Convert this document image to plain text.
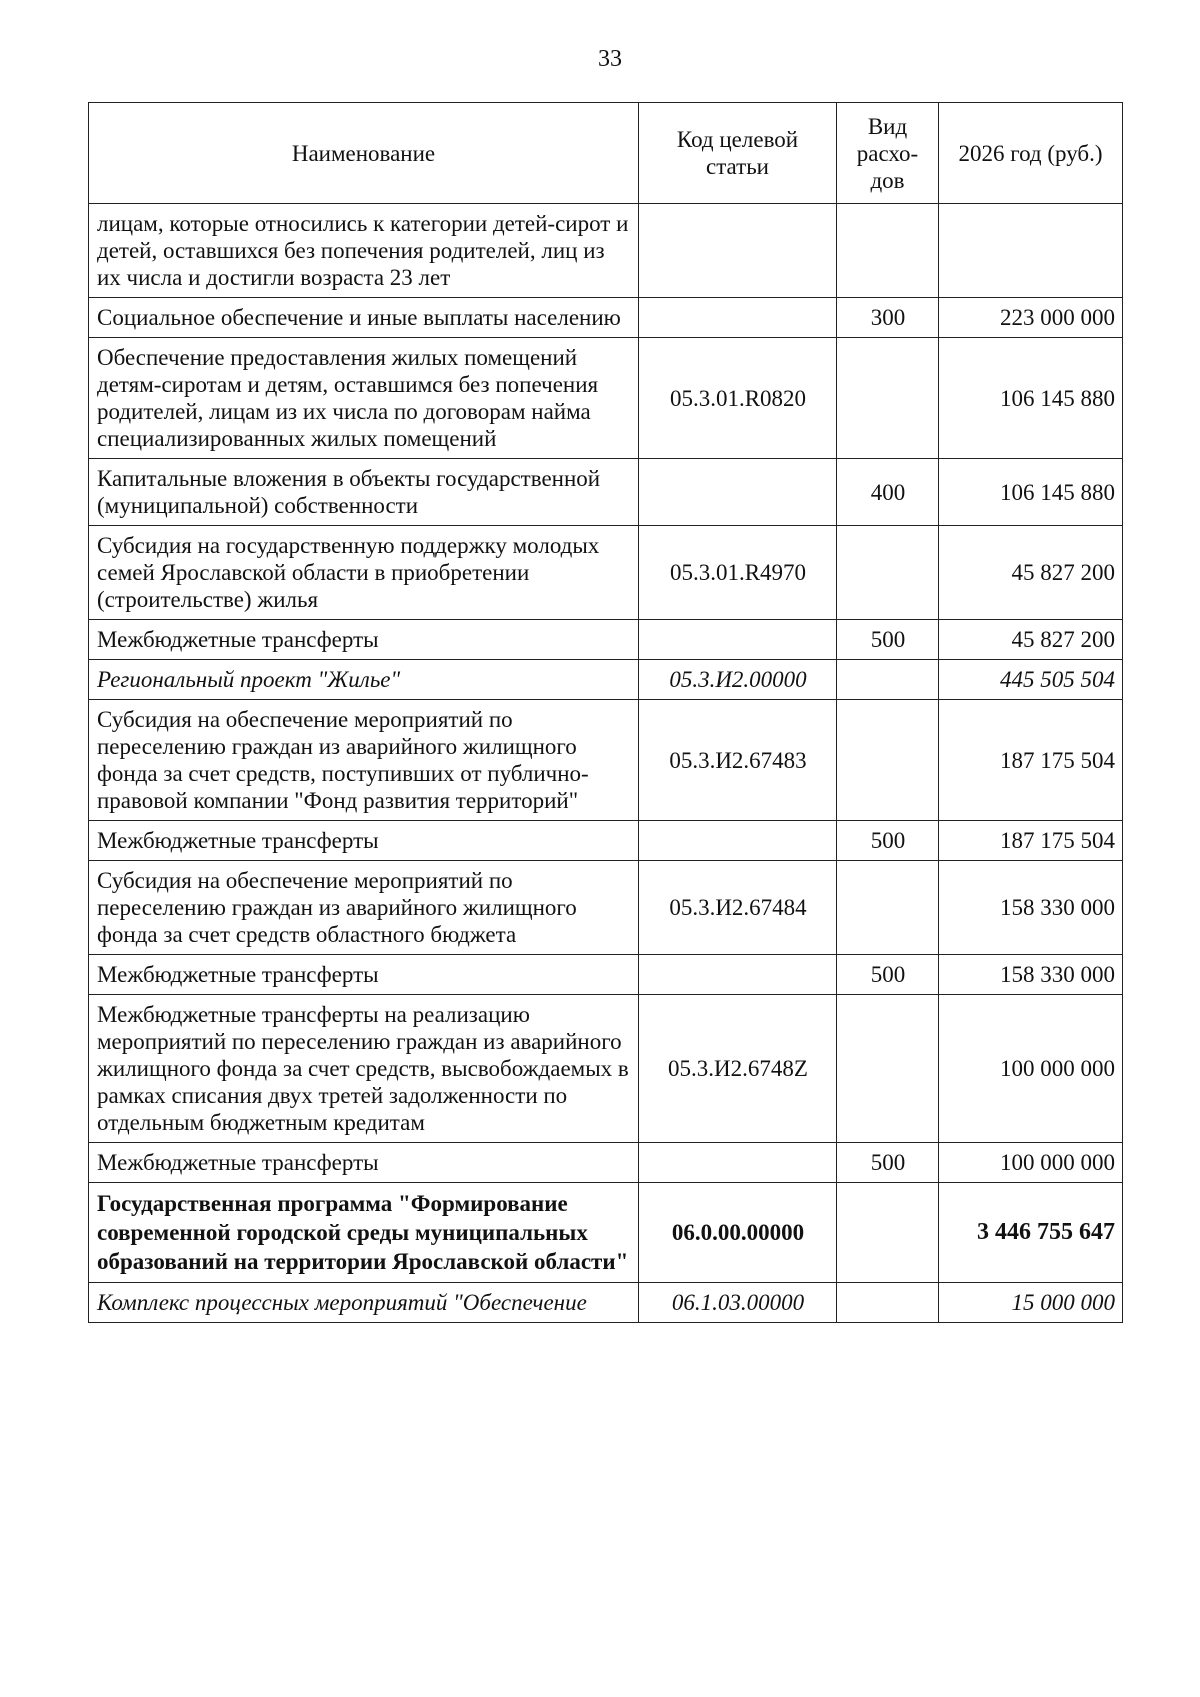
33
Наименование	Код целевой статьи	Вид расхо- дов	2026 год (руб.)
лицам, которые относились к категории детей-сирот и детей, оставшихся без попечения родителей, лиц из их числа и достигли возраста 23 лет			
Социальное обеспечение и иные выплаты населению		300	223 000 000
Обеспечение предоставления жилых помещений детям-сиротам и детям, оставшимся без попечения родителей, лицам из их числа по договорам найма специализированных жилых помещений	05.3.01.R0820		106 145 880
Капитальные вложения в объекты государственной (муниципальной) собственности		400	106 145 880
Субсидия на государственную поддержку молодых семей Ярославской области в приобретении (строительстве) жилья	05.3.01.R4970		45 827 200
Межбюджетные трансферты		500	45 827 200
Региональный проект "Жилье"	05.3.И2.00000		445 505 504
Субсидия на обеспечение мероприятий по переселению граждан из аварийного жилищного фонда за счет средств, поступивших от публично-правовой компании "Фонд развития территорий"	05.3.И2.67483		187 175 504
Межбюджетные трансферты		500	187 175 504
Субсидия на обеспечение мероприятий по переселению граждан из аварийного жилищного фонда за счет средств областного бюджета	05.3.И2.67484		158 330 000
Межбюджетные трансферты		500	158 330 000
Межбюджетные трансферты на реализацию мероприятий по переселению граждан из аварийного жилищного фонда за счет средств, высвобождаемых в рамках списания двух третей задолженности по отдельным бюджетным кредитам	05.3.И2.6748Z		100 000 000
Межбюджетные трансферты		500	100 000 000
Государственная программа "Формирование современной городской среды муниципальных образований на территории Ярославской области"	06.0.00.00000		3 446 755 647
Комплекс процессных мероприятий "Обеспечение	06.1.03.00000		15 000 000
